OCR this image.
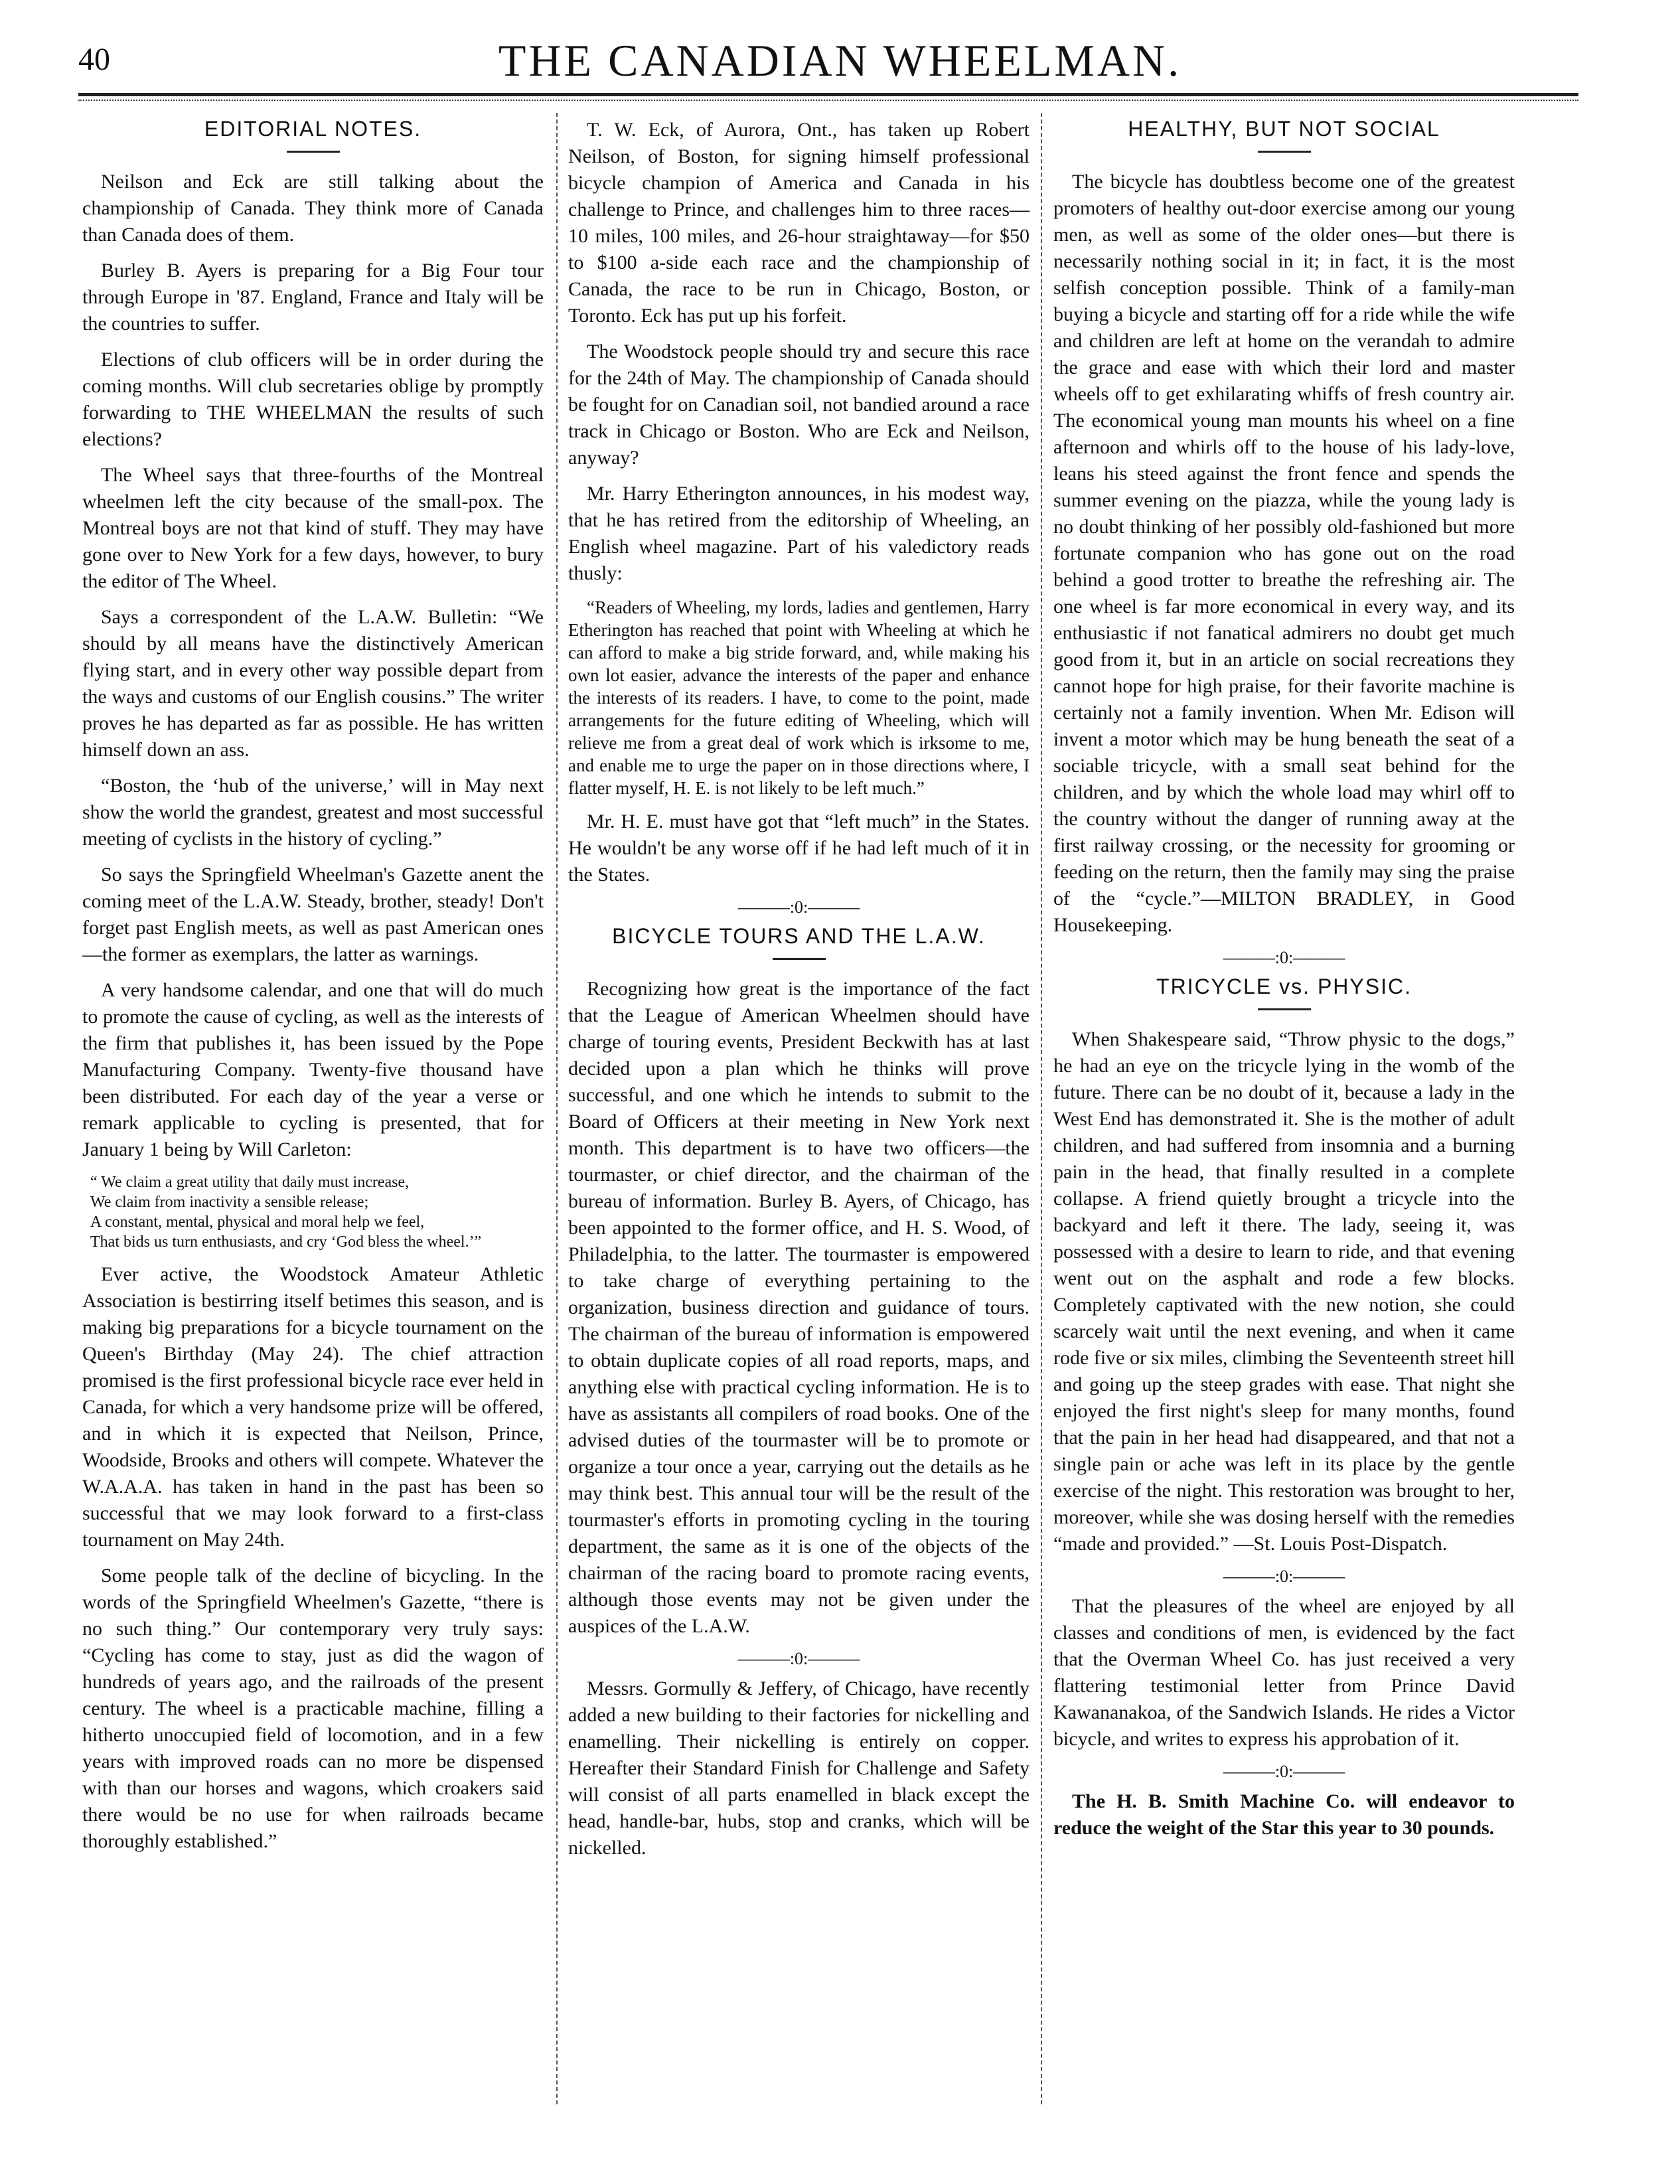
40	THE CANADIAN WHEELMAN.
EDITORIAL NOTES.

Neilson and Eck are still talking about the championship of Canada. They think more of Canada than Canada does of them.

Burley B. Ayers is preparing for a Big Four tour through Europe in '87. England, France and Italy will be the countries to suffer.

Elections of club officers will be in order during the coming months. Will club secretaries oblige by promptly forwarding to THE WHEELMAN the results of such elections?

The Wheel says that three-fourths of the Montreal wheelmen left the city because of the small-pox. The Montreal boys are not that kind of stuff. They may have gone over to New York for a few days, however, to bury the editor of The Wheel.

Says a correspondent of the L.A.W. Bulletin: “We should by all means have the distinctively American flying start, and in every other way possible depart from the ways and customs of our English cousins.” The writer proves he has departed as far as possible. He has written himself down an ass.

“Boston, the ‘hub of the universe,’ will in May next show the world the grandest, greatest and most successful meeting of cyclists in the history of cycling.”

So says the Springfield Wheelman's Gazette anent the coming meet of the L.A.W. Steady, brother, steady! Don't forget past English meets, as well as past American ones—the former as exemplars, the latter as warnings.

A very handsome calendar, and one that will do much to promote the cause of cycling, as well as the interests of the firm that publishes it, has been issued by the Pope Manufacturing Company. Twenty-five thousand have been distributed. For each day of the year a verse or remark applicable to cycling is presented, that for January 1 being by Will Carleton:

“ We claim a great utility that daily must increase,

We claim from inactivity a sensible release;

A constant, mental, physical and moral help we feel,

That bids us turn enthusiasts, and cry ‘God bless the wheel.’”

Ever active, the Woodstock Amateur Athletic Association is bestirring itself betimes this season, and is making big preparations for a bicycle tournament on the Queen's Birthday (May 24). The chief attraction promised is the first professional bicycle race ever held in Canada, for which a very handsome prize will be offered, and in which it is expected that Neilson, Prince, Woodside, Brooks and others will compete. Whatever the W.A.A.A. has taken in hand in the past has been so successful that we may look forward to a first-class tournament on May 24th.

Some people talk of the decline of bicycling. In the words of the Springfield Wheelmen's Gazette, “there is no such thing.” Our contemporary very truly says: “Cycling has come to stay, just as did the wagon of hundreds of years ago, and the railroads of the present century. The wheel is a practicable machine, filling a hitherto unoccupied field of locomotion, and in a few years with improved roads can no more be dispensed with than our horses and wagons, which croakers said there would be no use for when railroads became thoroughly established.”

T. W. Eck, of Aurora, Ont., has taken up Robert Neilson, of Boston, for signing himself professional bicycle champion of America and Canada in his challenge to Prince, and challenges him to three races—10 miles, 100 miles, and 26-hour straightaway—for $50 to $100 a-side each race and the championship of Canada, the race to be run in Chicago, Boston, or Toronto. Eck has put up his forfeit.

The Woodstock people should try and secure this race for the 24th of May. The championship of Canada should be fought for on Canadian soil, not bandied around a race track in Chicago or Boston. Who are Eck and Neilson, anyway?

Mr. Harry Etherington announces, in his modest way, that he has retired from the editorship of Wheeling, an English wheel magazine. Part of his valedictory reads thusly:

“Readers of Wheeling, my lords, ladies and gentlemen, Harry Etherington has reached that point with Wheeling at which he can afford to make a big stride forward, and, while making his own lot easier, advance the interests of the paper and enhance the interests of its readers. I have, to come to the point, made arrangements for the future editing of Wheeling, which will relieve me from a great deal of work which is irksome to me, and enable me to urge the paper on in those directions where, I flatter myself, H. E. is not likely to be left much.”

Mr. H. E. must have got that “left much” in the States. He wouldn't be any worse off if he had left much of it in the States.

———:0:———
BICYCLE TOURS AND THE L.A.W.

Recognizing how great is the importance of the fact that the League of American Wheelmen should have charge of touring events, President Beckwith has at last decided upon a plan which he thinks will prove successful, and one which he intends to submit to the Board of Officers at their meeting in New York next month. This department is to have two officers—the tourmaster, or chief director, and the chairman of the bureau of information. Burley B. Ayers, of Chicago, has been appointed to the former office, and H. S. Wood, of Philadelphia, to the latter. The tourmaster is empowered to take charge of everything pertaining to the organization, business direction and guidance of tours. The chairman of the bureau of information is empowered to obtain duplicate copies of all road reports, maps, and anything else with practical cycling information. He is to have as assistants all compilers of road books. One of the advised duties of the tourmaster will be to promote or organize a tour once a year, carrying out the details as he may think best. This annual tour will be the result of the tourmaster's efforts in promoting cycling in the touring department, the same as it is one of the objects of the chairman of the racing board to promote racing events, although those events may not be given under the auspices of the L.A.W.

———:0:———

Messrs. Gormully & Jeffery, of Chicago, have recently added a new building to their factories for nickelling and enamelling. Their nickelling is entirely on copper. Hereafter their Standard Finish for Challenge and Safety will consist of all parts enamelled in black except the head, handle-bar, hubs, stop and cranks, which will be nickelled.

HEALTHY, BUT NOT SOCIAL

The bicycle has doubtless become one of the greatest promoters of healthy out-door exercise among our young men, as well as some of the older ones—but there is necessarily nothing social in it; in fact, it is the most selfish conception possible. Think of a family-man buying a bicycle and starting off for a ride while the wife and children are left at home on the verandah to admire the grace and ease with which their lord and master wheels off to get exhilarating whiffs of fresh country air. The economical young man mounts his wheel on a fine afternoon and whirls off to the house of his lady-love, leans his steed against the front fence and spends the summer evening on the piazza, while the young lady is no doubt thinking of her possibly old-fashioned but more fortunate companion who has gone out on the road behind a good trotter to breathe the refreshing air. The one wheel is far more economical in every way, and its enthusiastic if not fanatical admirers no doubt get much good from it, but in an article on social recreations they cannot hope for high praise, for their favorite machine is certainly not a family invention. When Mr. Edison will invent a motor which may be hung beneath the seat of a sociable tricycle, with a small seat behind for the children, and by which the whole load may whirl off to the country without the danger of running away at the first railway crossing, or the necessity for grooming or feeding on the return, then the family may sing the praise of the “cycle.”—MILTON BRADLEY, in Good Housekeeping.

———:0:———
TRICYCLE vs. PHYSIC.

When Shakespeare said, “Throw physic to the dogs,” he had an eye on the tricycle lying in the womb of the future. There can be no doubt of it, because a lady in the West End has demonstrated it. She is the mother of adult children, and had suffered from insomnia and a burning pain in the head, that finally resulted in a complete collapse. A friend quietly brought a tricycle into the backyard and left it there. The lady, seeing it, was possessed with a desire to learn to ride, and that evening went out on the asphalt and rode a few blocks. Completely captivated with the new notion, she could scarcely wait until the next evening, and when it came rode five or six miles, climbing the Seventeenth street hill and going up the steep grades with ease. That night she enjoyed the first night's sleep for many months, found that the pain in her head had disappeared, and that not a single pain or ache was left in its place by the gentle exercise of the night. This restoration was brought to her, moreover, while she was dosing herself with the remedies “made and provided.” —St. Louis Post-Dispatch.

———:0:———

That the pleasures of the wheel are enjoyed by all classes and conditions of men, is evidenced by the fact that the Overman Wheel Co. has just received a very flattering testimonial letter from Prince David Kawananakoa, of the Sandwich Islands. He rides a Victor bicycle, and writes to express his approbation of it.

———:0:———

The H. B. Smith Machine Co. will endeavor to reduce the weight of the Star this year to 30 pounds.
